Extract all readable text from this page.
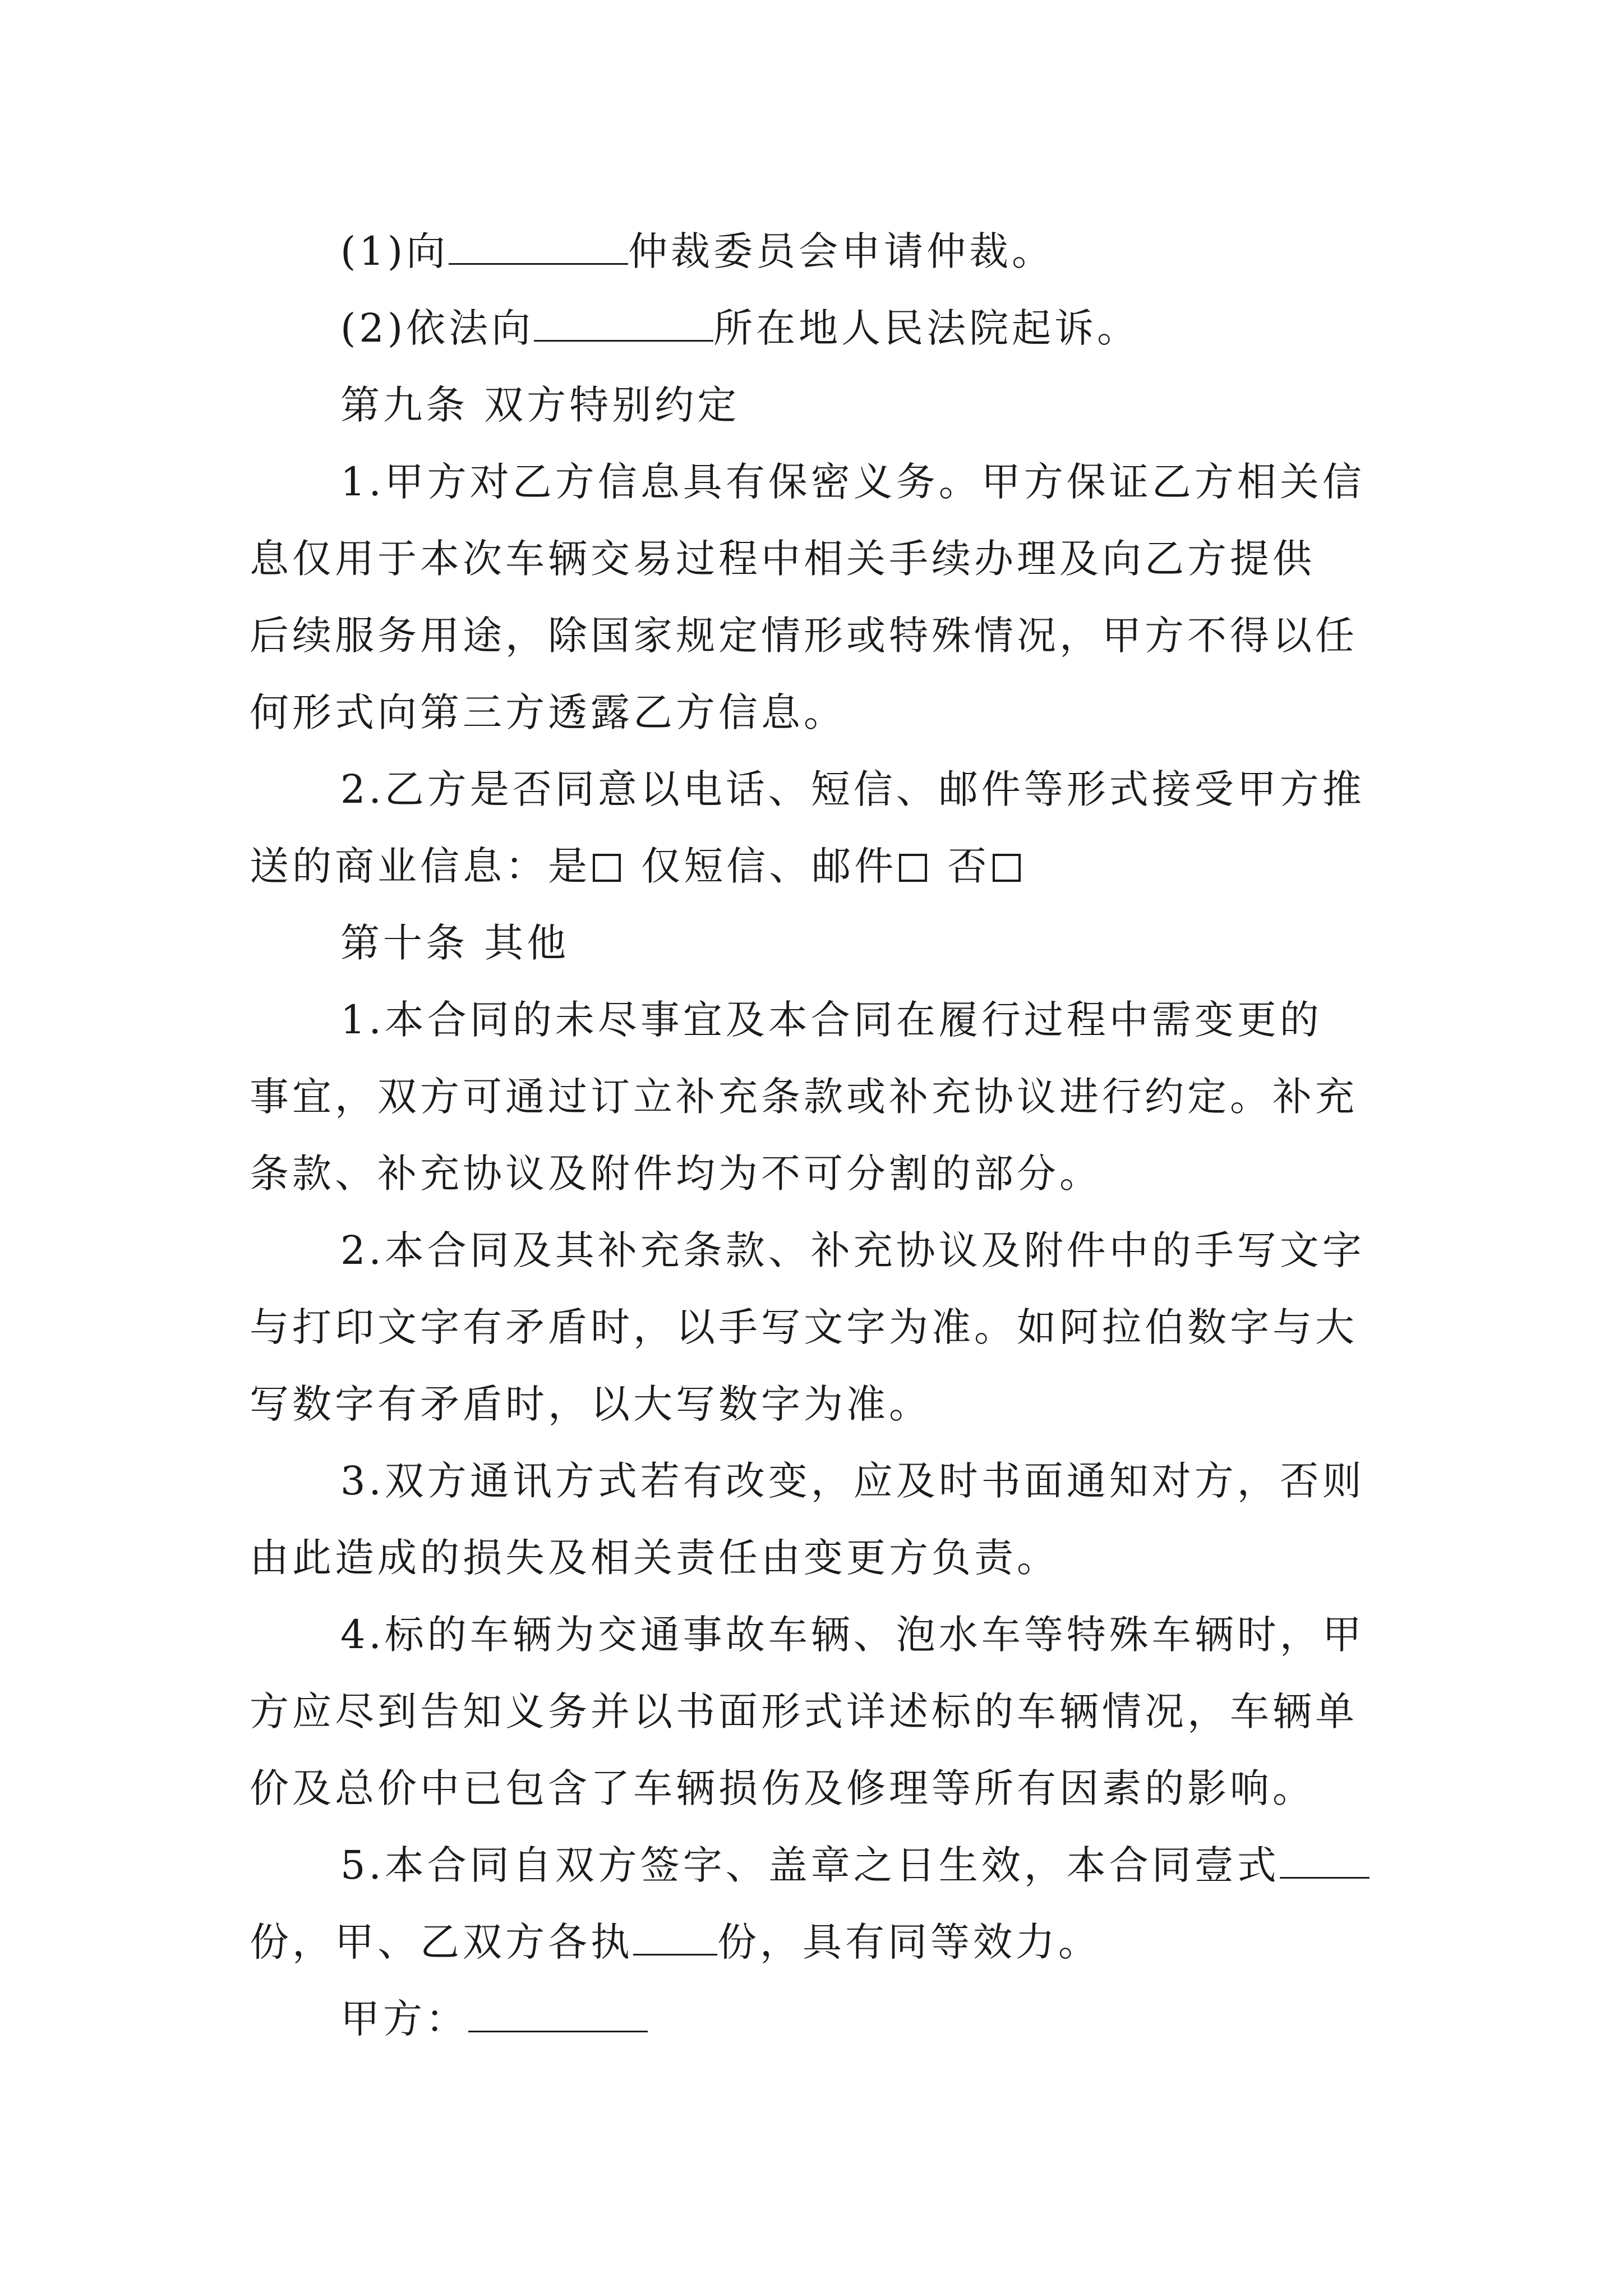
(1)向	仲裁委员会申请仲裁。
(2)依法向	所在地人民法院起诉。
第九条 双方特别约定
1.甲方对乙方信息具有保密义务。甲方保证乙方相关信
息仅用于本次车辆交易过程中相关手续办理及向乙方提供
后续服务用途，除国家规定情形或特殊情况，甲方不得以任
何形式向第三方透露乙方信息。
2.乙方是否同意以电话、短信、邮件等形式接受甲方推
送的商业信息：是 仅短信、邮件 否
第十条 其他
1.本合同的未尽事宜及本合同在履行过程中需变更的
事宜，双方可通过订立补充条款或补充协议进行约定。补充
条款、补充协议及附件均为不可分割的部分。
2.本合同及其补充条款、补充协议及附件中的手写文字
与打印文字有矛盾时，以手写文字为准。如阿拉伯数字与大
写数字有矛盾时，以大写数字为准。
3.双方通讯方式若有改变，应及时书面通知对方，否则
由此造成的损失及相关责任由变更方负责。
4.标的车辆为交通事故车辆、泡水车等特殊车辆时，甲
方应尽到告知义务并以书面形式详述标的车辆情况，车辆单
价及总价中已包含了车辆损伤及修理等所有因素的影响。
5.本合同自双方签字、盖章之日生效，本合同壹式
份，甲、乙双方各执 份，具有同等效力。
甲方：
